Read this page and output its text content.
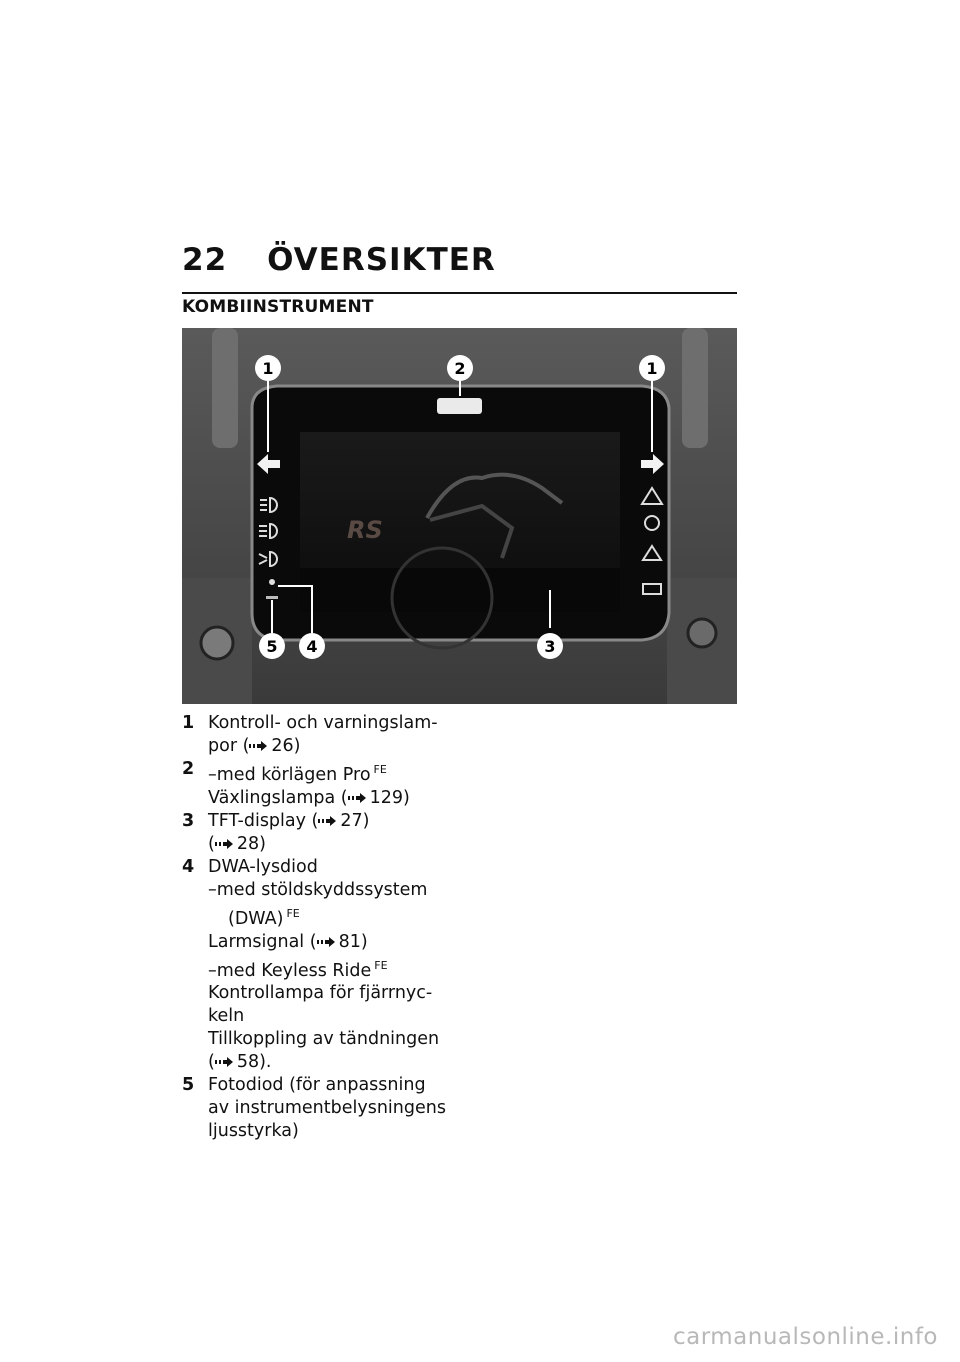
22 ÖVERSIKTER
KOMBIINSTRUMENT
RS
1	2	1
3
4
5
1 Kontroll- och varningslam-
por ( 26)
2 –med körlägen Pro $^{FE}$
Växlingslampa ( 129)
3 TFT-display ( 27)
( 28)
4 DWA-lysdiod
–med stöldskyddssystem
(DWA) $^{FE}$
Larmsignal ( 81)
–med Keyless Ride $^{FE}$
Kontrollampa för fjärrnyc-
keln
Tillkoppling av tändningen
( 58).
5 Fotodiod (för anpassning
av instrumentbelysningens
ljusstyrka)
carmanualsonline.info
